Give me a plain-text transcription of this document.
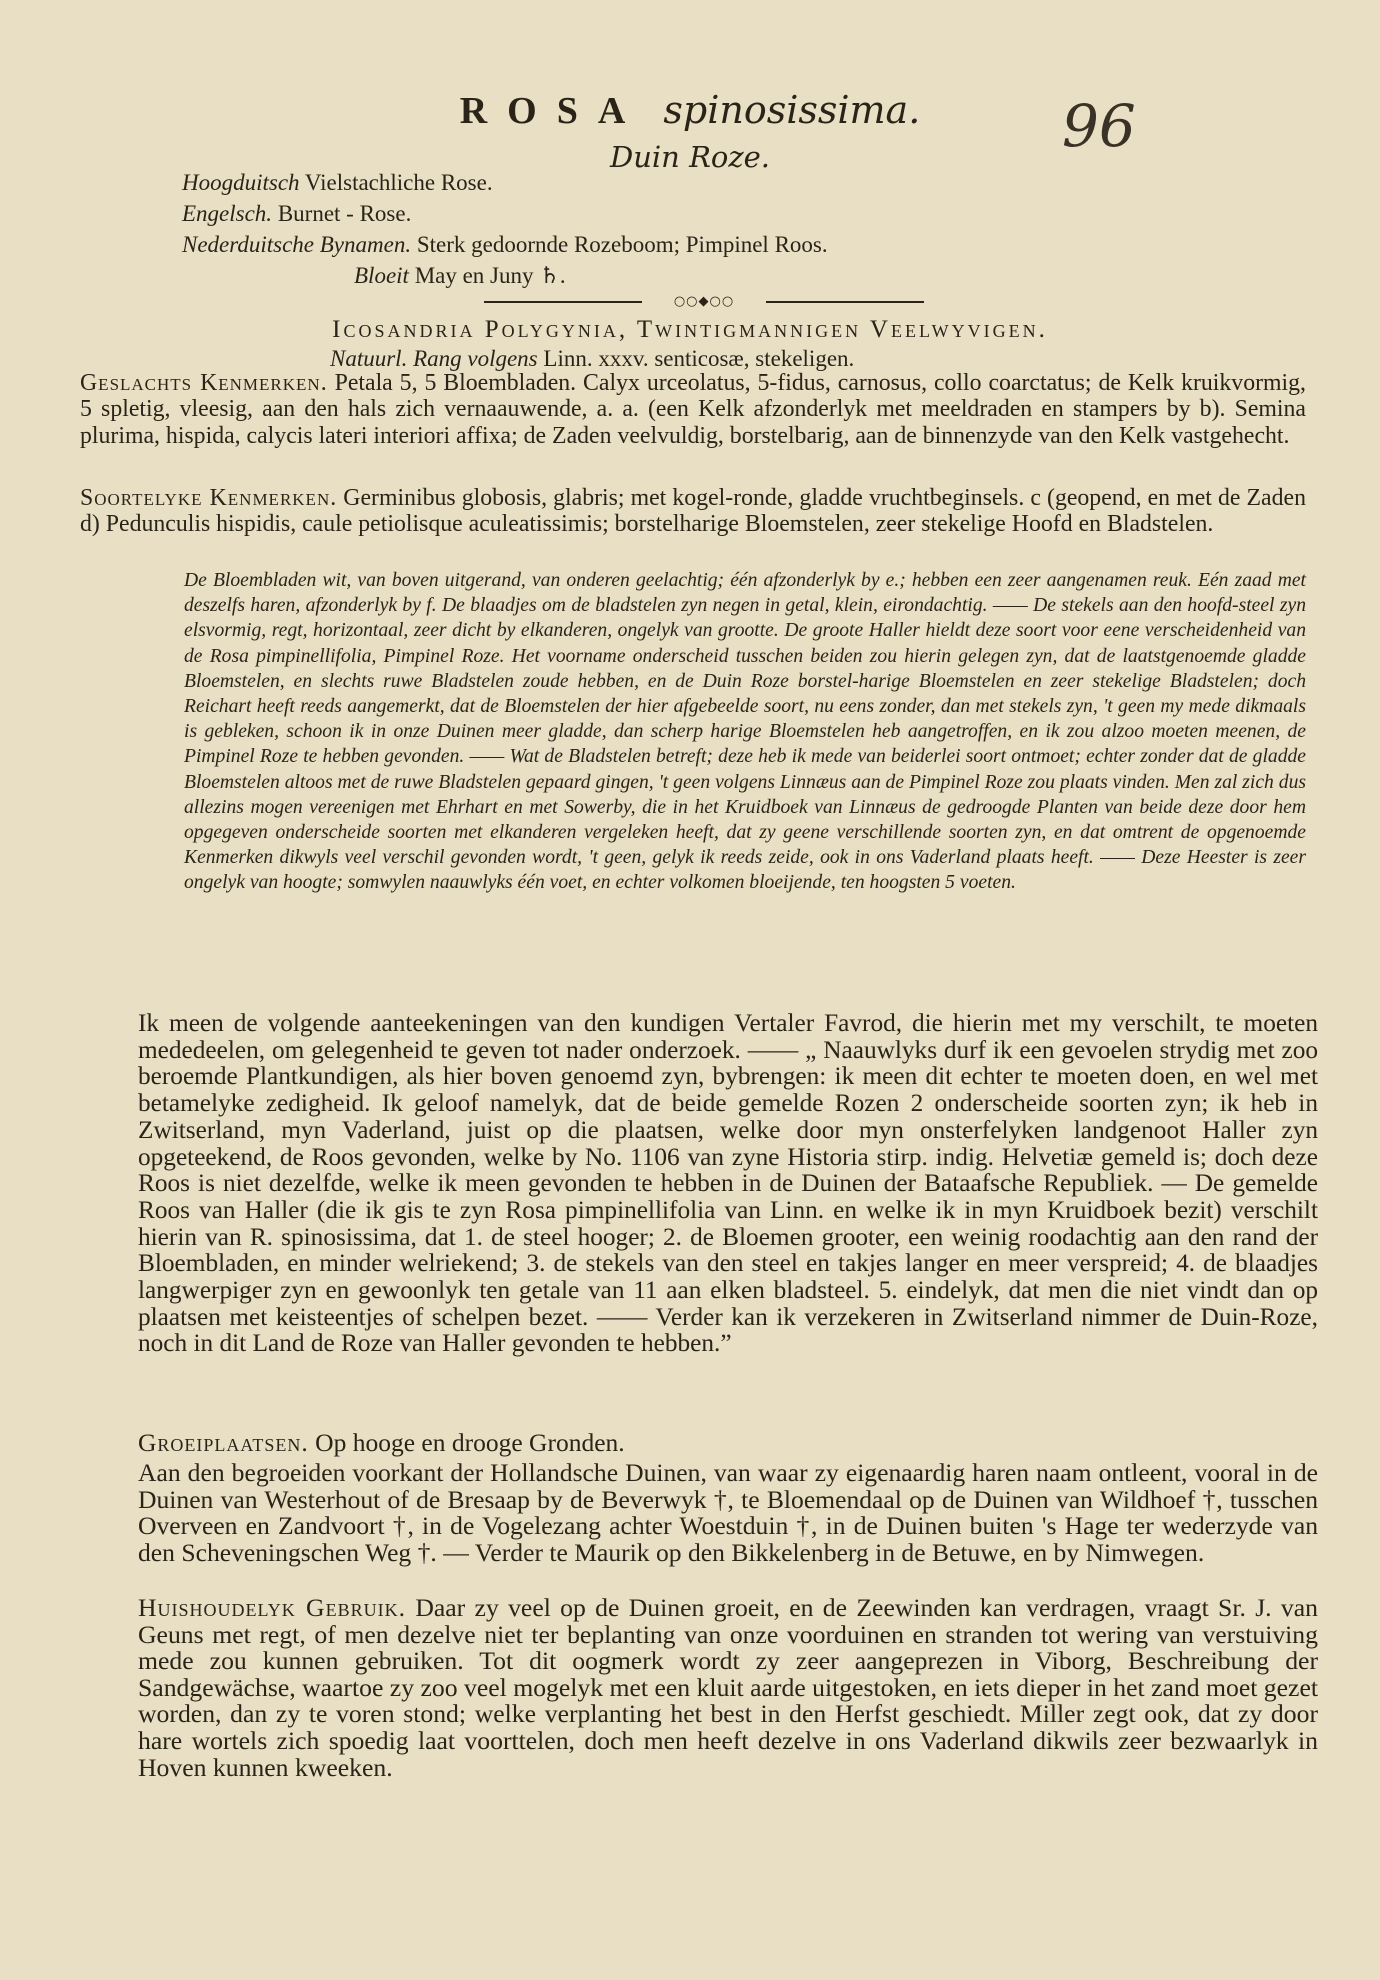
96
ROSA spinosissima.
Duin Roze.
Hoogduitsch Vielstachliche Rose.
Engelsch. Burnet - Rose.
Nederduitsche Bynamen. Sterk gedoornde Rozeboom; Pimpinel Roos.
Bloeit May en Juny ♄.
○○◆○○
Icosandria Polygynia, Twintigmannigen Veelwyvigen.
Natuurl. Rang volgens Linn. xxxv. senticosæ, stekeligen.
Geslachts Kenmerken. Petala 5, 5 Bloembladen. Calyx urceolatus, 5-fidus, carnosus, collo coarctatus; de Kelk kruikvormig, 5 spletig, vleesig, aan den hals zich vernaauwende, a. a. (een Kelk afzonderlyk met meeldraden en stampers by b). Semina plurima, hispida, calycis lateri interiori affixa; de Zaden veelvuldig, borstelbarig, aan de binnenzyde van den Kelk vastgehecht.
Soortelyke Kenmerken. Germinibus globosis, glabris; met kogel-ronde, gladde vruchtbeginsels. c (geopend, en met de Zaden d) Pedunculis hispidis, caule petiolisque aculeatissimis; borstelharige Bloemstelen, zeer stekelige Hoofd en Bladstelen.
De Bloembladen wit, van boven uitgerand, van onderen geelachtig; één afzonderlyk by e.; hebben een zeer aangenamen reuk. Eén zaad met deszelfs haren, afzonderlyk by f. De blaadjes om de bladstelen zyn negen in getal, klein, eirondachtig. —— De stekels aan den hoofd-steel zyn elsvormig, regt, horizontaal, zeer dicht by elkanderen, ongelyk van grootte. De groote Haller hieldt deze soort voor eene verscheidenheid van de Rosa pimpinellifolia, Pimpinel Roze. Het voorname onderscheid tusschen beiden zou hierin gelegen zyn, dat de laatstgenoemde gladde Bloemstelen, en slechts ruwe Bladstelen zoude hebben, en de Duin Roze borstel-harige Bloemstelen en zeer stekelige Bladstelen; doch Reichart heeft reeds aangemerkt, dat de Bloemstelen der hier afgebeelde soort, nu eens zonder, dan met stekels zyn, 't geen my mede dikmaals is gebleken, schoon ik in onze Duinen meer gladde, dan scherp harige Bloemstelen heb aangetroffen, en ik zou alzoo moeten meenen, de Pimpinel Roze te hebben gevonden. —— Wat de Bladstelen betreft; deze heb ik mede van beiderlei soort ontmoet; echter zonder dat de gladde Bloemstelen altoos met de ruwe Bladstelen gepaard gingen, 't geen volgens Linnæus aan de Pimpinel Roze zou plaats vinden. Men zal zich dus allezins mogen vereenigen met Ehrhart en met Sowerby, die in het Kruidboek van Linnæus de gedroogde Planten van beide deze door hem opgegeven onderscheide soorten met elkanderen vergeleken heeft, dat zy geene verschillende soorten zyn, en dat omtrent de opgenoemde Kenmerken dikwyls veel verschil gevonden wordt, 't geen, gelyk ik reeds zeide, ook in ons Vaderland plaats heeft. —— Deze Heester is zeer ongelyk van hoogte; somwylen naauwlyks één voet, en echter volkomen bloeijende, ten hoogsten 5 voeten.
Ik meen de volgende aanteekeningen van den kundigen Vertaler Favrod, die hierin met my verschilt, te moeten mededeelen, om gelegenheid te geven tot nader onderzoek. —— „ Naauwlyks durf ik een gevoelen strydig met zoo beroemde Plantkundigen, als hier boven genoemd zyn, bybrengen: ik meen dit echter te moeten doen, en wel met betamelyke zedigheid. Ik geloof namelyk, dat de beide gemelde Rozen 2 onderscheide soorten zyn; ik heb in Zwitserland, myn Vaderland, juist op die plaatsen, welke door myn onsterfelyken landgenoot Haller zyn opgeteekend, de Roos gevonden, welke by No. 1106 van zyne Historia stirp. indig. Helvetiæ gemeld is; doch deze Roos is niet dezelfde, welke ik meen gevonden te hebben in de Duinen der Bataafsche Republiek. — De gemelde Roos van Haller (die ik gis te zyn Rosa pimpinellifolia van Linn. en welke ik in myn Kruidboek bezit) verschilt hierin van R. spinosissima, dat 1. de steel hooger; 2. de Bloemen grooter, een weinig roodachtig aan den rand der Bloembladen, en minder welriekend; 3. de stekels van den steel en takjes langer en meer verspreid; 4. de blaadjes langwerpiger zyn en gewoonlyk ten getale van 11 aan elken bladsteel. 5. eindelyk, dat men die niet vindt dan op plaatsen met keisteentjes of schelpen bezet. —— Verder kan ik verzekeren in Zwitserland nimmer de Duin-Roze, noch in dit Land de Roze van Haller gevonden te hebben.”
Groeiplaatsen. Op hooge en drooge Gronden.
Aan den begroeiden voorkant der Hollandsche Duinen, van waar zy eigenaardig haren naam ontleent, vooral in de Duinen van Westerhout of de Bresaap by de Beverwyk †, te Bloemendaal op de Duinen van Wildhoef †, tusschen Overveen en Zandvoort †, in de Vogelezang achter Woestduin †, in de Duinen buiten 's Hage ter wederzyde van den Scheveningschen Weg †. — Verder te Maurik op den Bikkelenberg in de Betuwe, en by Nimwegen.
Huishoudelyk Gebruik. Daar zy veel op de Duinen groeit, en de Zeewinden kan verdragen, vraagt Sr. J. van Geuns met regt, of men dezelve niet ter beplanting van onze voorduinen en stranden tot wering van verstuiving mede zou kunnen gebruiken. Tot dit oogmerk wordt zy zeer aangeprezen in Viborg, Beschreibung der Sandgewächse, waartoe zy zoo veel mogelyk met een kluit aarde uitgestoken, en iets dieper in het zand moet gezet worden, dan zy te voren stond; welke verplanting het best in den Herfst geschiedt. Miller zegt ook, dat zy door hare wortels zich spoedig laat voorttelen, doch men heeft dezelve in ons Vaderland dikwils zeer bezwaarlyk in Hoven kunnen kweeken.
